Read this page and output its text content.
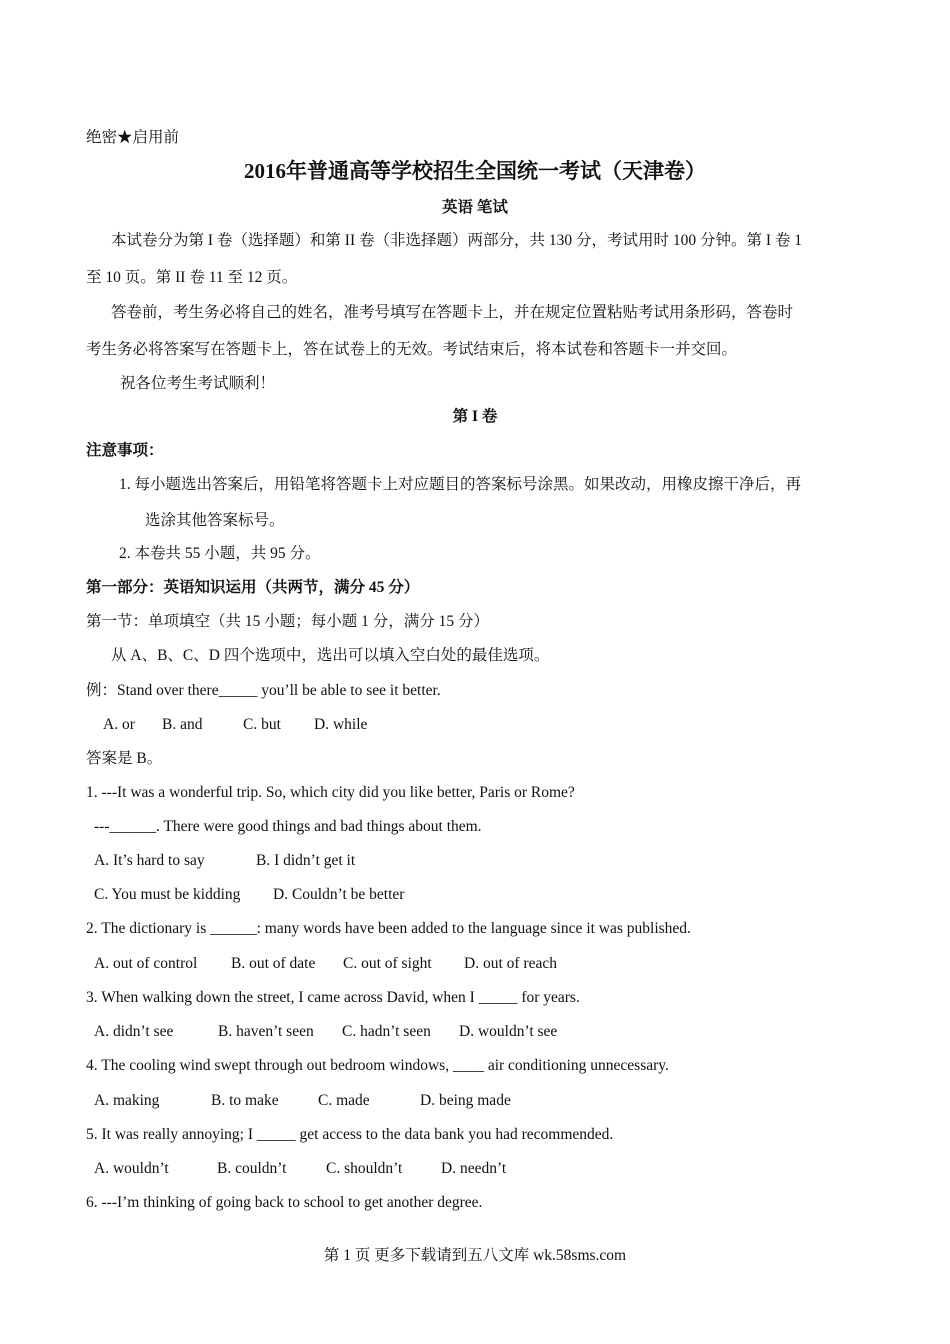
绝密★启用前
2016年普通高等学校招生全国统一考试（天津卷）
英语 笔试
本试卷分为第 I 卷（选择题）和第 II 卷（非选择题）两部分，共 130 分，考试用时 100 分钟。第 I 卷 1
至 10 页。第 II 卷 11 至 12 页。
答卷前，考生务必将自己的姓名，准考号填写在答题卡上，并在规定位置粘贴考试用条形码，答卷时
考生务必将答案写在答题卡上，答在试卷上的无效。考试结束后，将本试卷和答题卡一并交回。
祝各位考生考试顺利！
第 I 卷
注意事项：
1. 每小题选出答案后，用铅笔将答题卡上对应题目的答案标号涂黑。如果改动，用橡皮擦干净后，再
选涂其他答案标号。
2. 本卷共 55 小题，共 95 分。
第一部分：英语知识运用（共两节，满分 45 分）
第一节：单项填空（共 15 小题；每小题 1 分，满分 15 分）
从 A、B、C、D 四个选项中，选出可以填入空白处的最佳选项。
例：Stand over there_____ you’ll be able to see it better.
A. or B. and	C. but D. while
答案是 B。
1. ---It was a wonderful trip. So, which city did you like better, Paris or Rome?
---______. There were good things and bad things about them.
A. It’s hard to say	B. I didn’t get it
C. You must be kidding D. Couldn’t be better
2. The dictionary is ______: many words have been added to the language since it was published.
A. out of control B. out of date C. out of sight D. out of reach
3. When walking down the street, I came across David, when I _____ for years.
A. didn’t see	B. haven’t seen C. hadn’t seen D. wouldn’t see
4. The cooling wind swept through out bedroom windows, ____ air conditioning unnecessary.
A. making	B. to make	C. made	D. being made
5. It was really annoying; I _____ get access to the data bank you had recommended.
A. wouldn’t	B. couldn’t	C. shouldn’t D. needn’t
6. ---I’m thinking of going back to school to get another degree.
第 1 页 更多下载请到五八文库 wk.58sms.com
